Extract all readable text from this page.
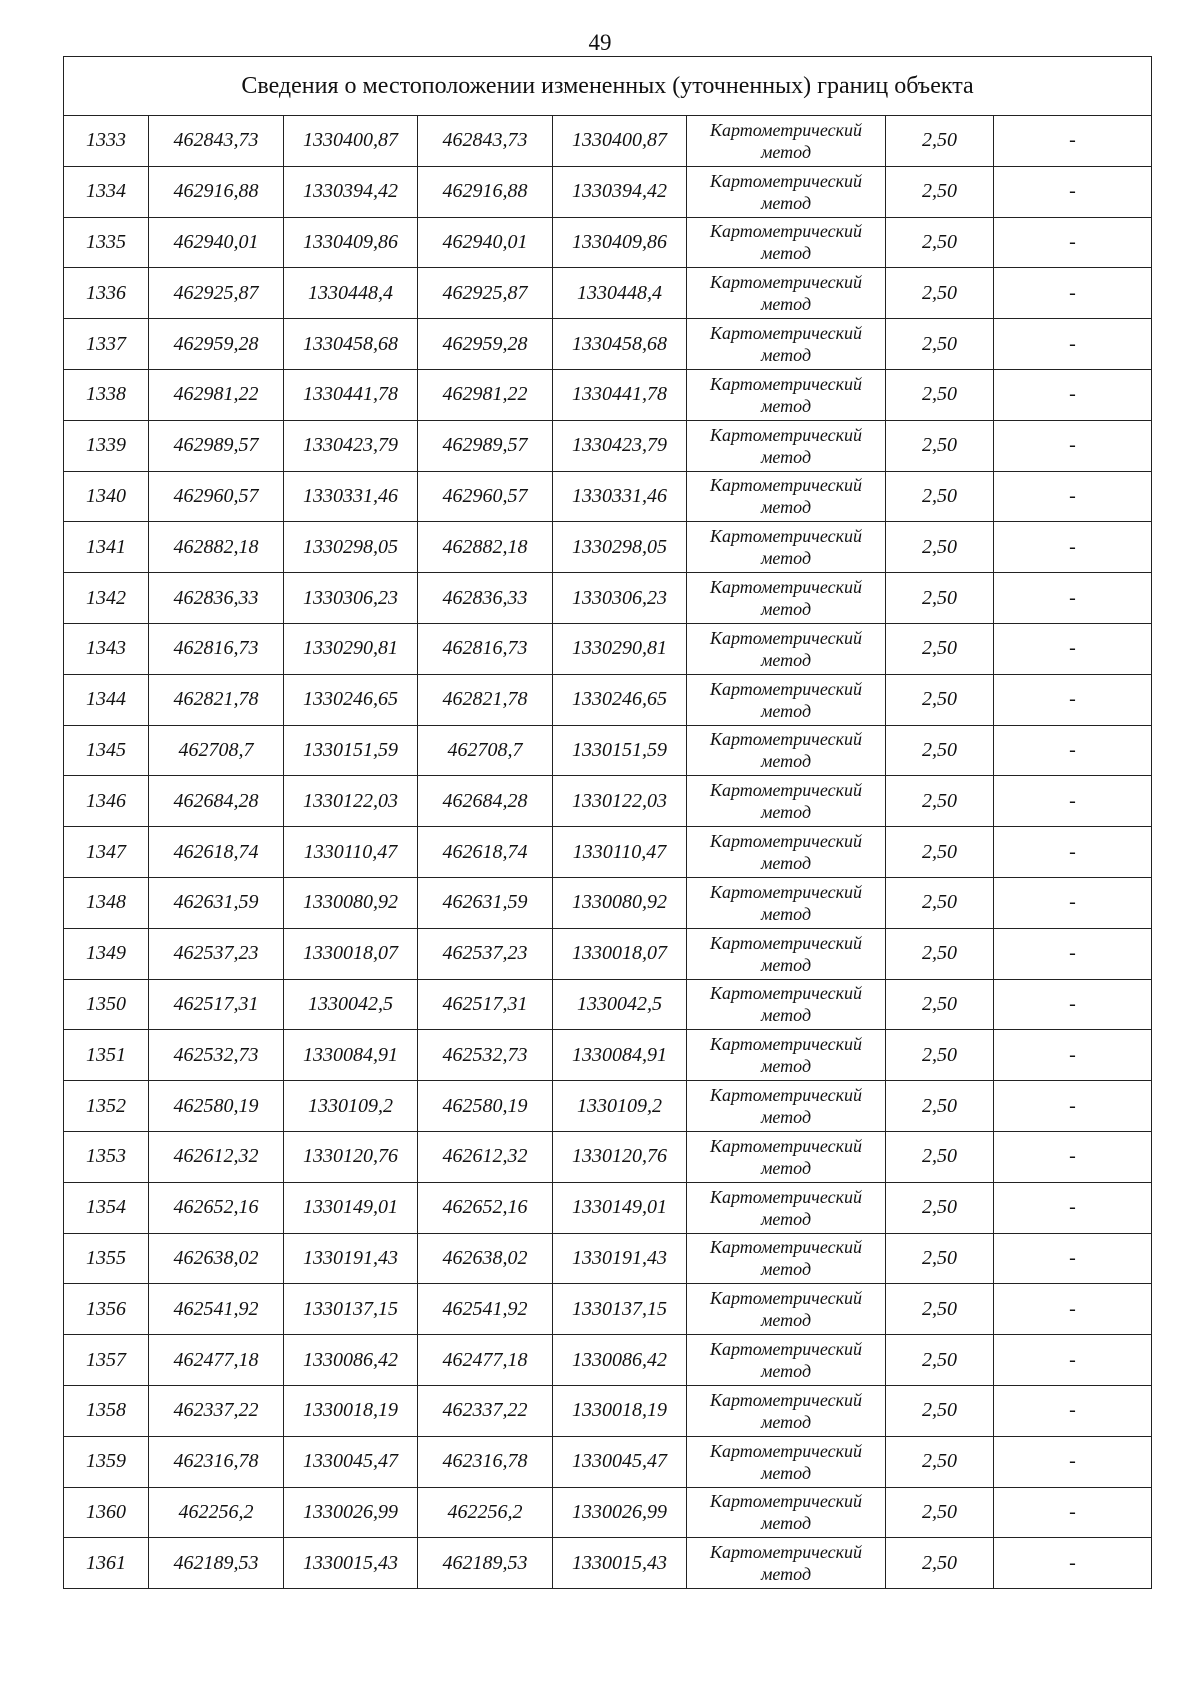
49
Сведения о местоположении измененных (уточненных) границ объекта							
1333	462843,73	1330400,87	462843,73	1330400,87	Картометрический метод	2,50	-
1334	462916,88	1330394,42	462916,88	1330394,42	Картометрический метод	2,50	-
1335	462940,01	1330409,86	462940,01	1330409,86	Картометрический метод	2,50	-
1336	462925,87	1330448,4	462925,87	1330448,4	Картометрический метод	2,50	-
1337	462959,28	1330458,68	462959,28	1330458,68	Картометрический метод	2,50	-
1338	462981,22	1330441,78	462981,22	1330441,78	Картометрический метод	2,50	-
1339	462989,57	1330423,79	462989,57	1330423,79	Картометрический метод	2,50	-
1340	462960,57	1330331,46	462960,57	1330331,46	Картометрический метод	2,50	-
1341	462882,18	1330298,05	462882,18	1330298,05	Картометрический метод	2,50	-
1342	462836,33	1330306,23	462836,33	1330306,23	Картометрический метод	2,50	-
1343	462816,73	1330290,81	462816,73	1330290,81	Картометрический метод	2,50	-
1344	462821,78	1330246,65	462821,78	1330246,65	Картометрический метод	2,50	-
1345	462708,7	1330151,59	462708,7	1330151,59	Картометрический метод	2,50	-
1346	462684,28	1330122,03	462684,28	1330122,03	Картометрический метод	2,50	-
1347	462618,74	1330110,47	462618,74	1330110,47	Картометрический метод	2,50	-
1348	462631,59	1330080,92	462631,59	1330080,92	Картометрический метод	2,50	-
1349	462537,23	1330018,07	462537,23	1330018,07	Картометрический метод	2,50	-
1350	462517,31	1330042,5	462517,31	1330042,5	Картометрический метод	2,50	-
1351	462532,73	1330084,91	462532,73	1330084,91	Картометрический метод	2,50	-
1352	462580,19	1330109,2	462580,19	1330109,2	Картометрический метод	2,50	-
1353	462612,32	1330120,76	462612,32	1330120,76	Картометрический метод	2,50	-
1354	462652,16	1330149,01	462652,16	1330149,01	Картометрический метод	2,50	-
1355	462638,02	1330191,43	462638,02	1330191,43	Картометрический метод	2,50	-
1356	462541,92	1330137,15	462541,92	1330137,15	Картометрический метод	2,50	-
1357	462477,18	1330086,42	462477,18	1330086,42	Картометрический метод	2,50	-
1358	462337,22	1330018,19	462337,22	1330018,19	Картометрический метод	2,50	-
1359	462316,78	1330045,47	462316,78	1330045,47	Картометрический метод	2,50	-
1360	462256,2	1330026,99	462256,2	1330026,99	Картометрический метод	2,50	-
1361	462189,53	1330015,43	462189,53	1330015,43	Картометрический метод	2,50	-
